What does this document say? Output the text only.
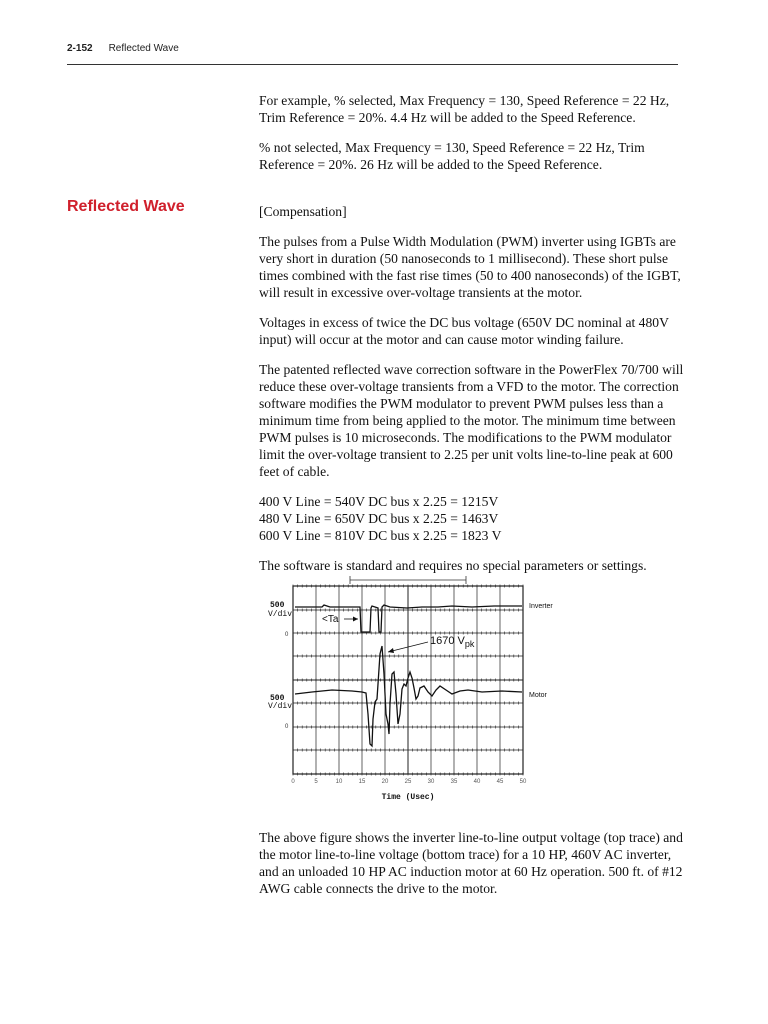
2-152 Reflected Wave

For example, % selected, Max Frequency = 130, Speed Reference = 22 Hz, Trim Reference = 20%. 4.4 Hz will be added to the Speed Reference.

% not selected, Max Frequency = 130, Speed Reference = 22 Hz, Trim Reference = 20%. 26 Hz will be added to the Speed Reference.

Reflected Wave	[Compensation]

The pulses from a Pulse Width Modulation (PWM) inverter using IGBTs are very short in duration (50 nanoseconds to 1 millisecond). These short pulse times combined with the fast rise times (50 to 400 nanoseconds) of the IGBT, will result in excessive over-voltage transients at the motor.

Voltages in excess of twice the DC bus voltage (650V DC nominal at 480V input) will occur at the motor and can cause motor winding failure.

The patented reflected wave correction software in the PowerFlex 70/700 will reduce these over-voltage transients from a VFD to the motor. The correction software modifies the PWM modulator to prevent PWM pulses less than a minimum time from being applied to the motor. The minimum time between PWM pulses is 10 microseconds. The modifications to the PWM modulator limit the over-voltage transient to 2.25 per unit volts line-to-line peak at 600 feet of cable.

400 V Line = 540V DC bus x 2.25 = 1215V
480 V Line = 650V DC bus x 2.25 = 1463V
600 V Line = 810V DC bus x 2.25 = 1823 V

The software is standard and requires no special parameters or settings.

<Ta
1670 $V_{pk}$
500
V/div
0
500
V/div
0
Inverter
Motor
0	5	10	15	20	25	30	35	40	45	50
Time (Usec)

The above figure shows the inverter line-to-line output voltage (top trace) and the motor line-to-line voltage (bottom trace) for a 10 HP, 460V AC inverter, and an unloaded 10 HP AC induction motor at 60 Hz operation. 500 ft. of #12 AWG cable connects the drive to the motor.
